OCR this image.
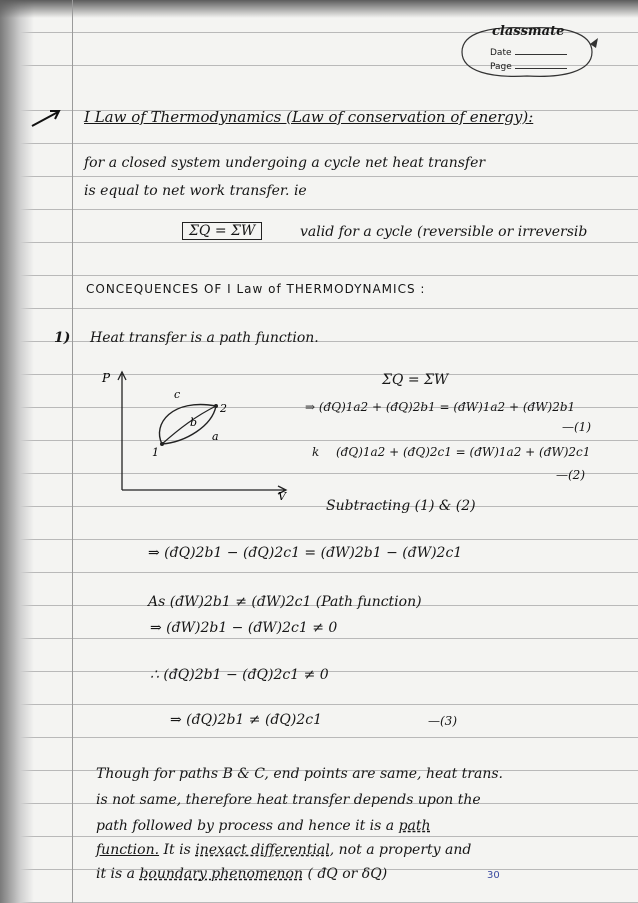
classmate
Date
Page
I Law of Thermodynamics (Law of conservation of energy):
for a closed system undergoing a cycle net heat transfer
is equal to net work transfer. ie
ΣQ = ΣW	valid for a cycle (reversible or irreversib
CONCEQUENCES OF I Law of THERMODYNAMICS :
1) Heat transfer is a path function.
P
V
c
2
b
a
1
ΣQ = ΣW
⇒ (đQ)1a2 + (đQ)2b1 = (đW)1a2 + (đW)2b1
—(1)
k (đQ)1a2 + (đQ)2c1 = (đW)1a2 + (đW)2c1
—(2)
Subtracting (1) & (2)
⇒ (đQ)2b1 − (đQ)2c1 = (đW)2b1 − (đW)2c1
As (đW)2b1 ≠ (đW)2c1 (Path function)
⇒ (đW)2b1 − (đW)2c1 ≠ 0
∴ (đQ)2b1 − (đQ)2c1 ≠ 0
⇒ (đQ)2b1 ≠ (đQ)2c1	—(3)
Though for paths B & C, end points are same, heat trans.
is not same, therefore heat transfer depends upon the
path followed by process and hence it is a path
function. It is inexact differential, not a property and
it is a boundary phenomenon ( đQ or δQ)	30
